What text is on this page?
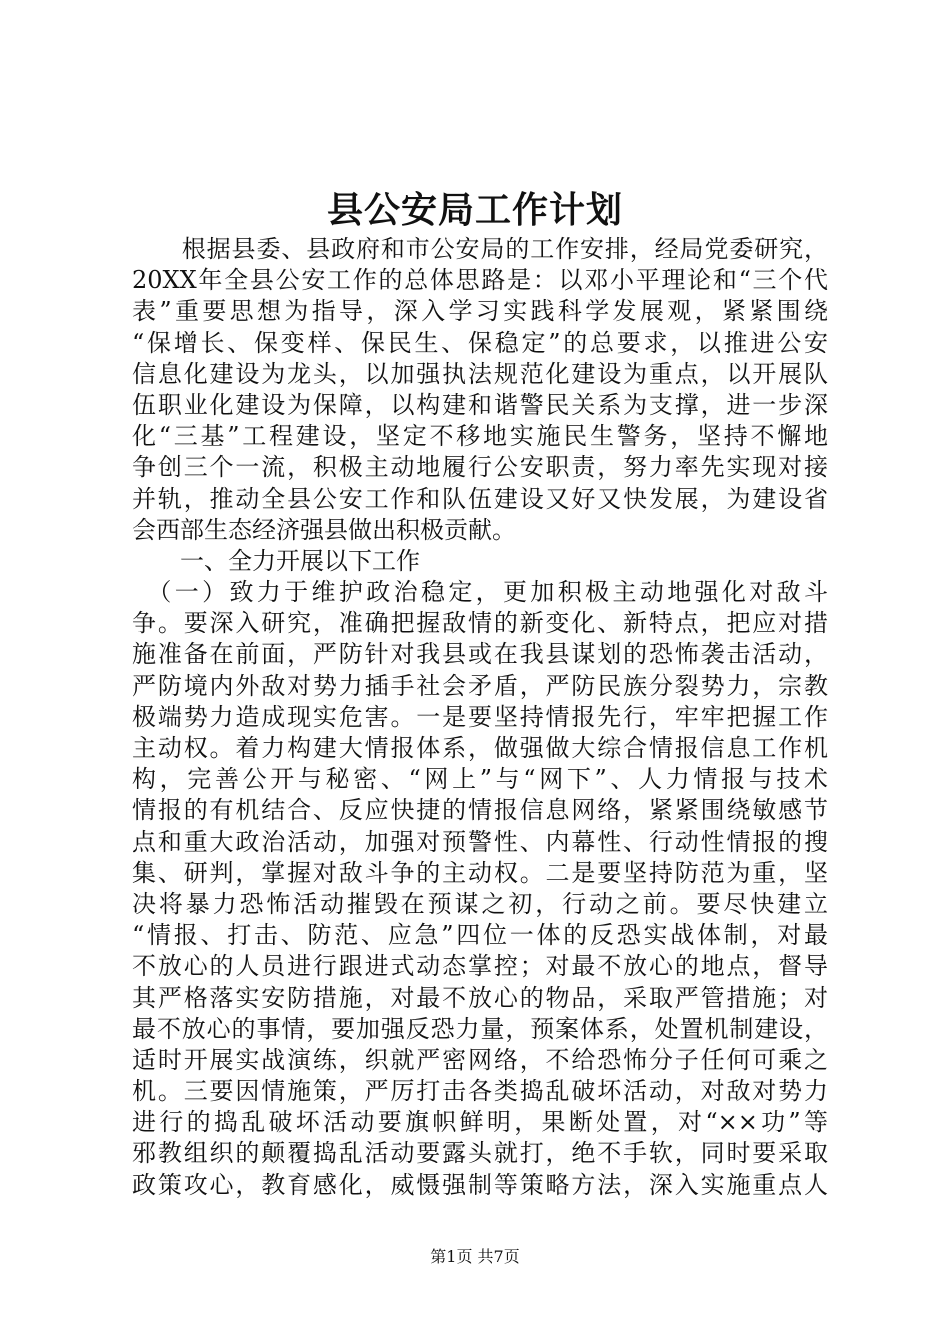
县公安局工作计划
　　根据县委、县政府和市公安局的工作安排，经局党委研究，
20XX年全县公安工作的总体思路是：以邓小平理论和“三个代
表”重要思想为指导，深入学习实践科学发展观，紧紧围绕
“保增长、保变样、保民生、保稳定”的总要求，以推进公安
信息化建设为龙头，以加强执法规范化建设为重点，以开展队
伍职业化建设为保障，以构建和谐警民关系为支撑，进一步深
化“三基”工程建设，坚定不移地实施民生警务，坚持不懈地
争创三个一流，积极主动地履行公安职责，努力率先实现对接
并轨，推动全县公安工作和队伍建设又好又快发展，为建设省
会西部生态经济强县做出积极贡献。
　　一、全力开展以下工作
　（一）致力于维护政治稳定，更加积极主动地强化对敌斗
争。要深入研究，准确把握敌情的新变化、新特点，把应对措
施准备在前面，严防针对我县或在我县谋划的恐怖袭击活动，
严防境内外敌对势力插手社会矛盾，严防民族分裂势力，宗教
极端势力造成现实危害。一是要坚持情报先行，牢牢把握工作
主动权。着力构建大情报体系，做强做大综合情报信息工作机
构，完善公开与秘密、“网上”与“网下”、人力情报与技术
情报的有机结合、反应快捷的情报信息网络，紧紧围绕敏感节
点和重大政治活动，加强对预警性、内幕性、行动性情报的搜
集、研判，掌握对敌斗争的主动权。二是要坚持防范为重，坚
决将暴力恐怖活动摧毁在预谋之初，行动之前。要尽快建立
“情报、打击、防范、应急”四位一体的反恐实战体制，对最
不放心的人员进行跟进式动态掌控；对最不放心的地点，督导
其严格落实安防措施，对最不放心的物品，采取严管措施；对
最不放心的事情，要加强反恐力量，预案体系，处置机制建设，
适时开展实战演练，织就严密网络，不给恐怖分子任何可乘之
机。三要因情施策，严厉打击各类捣乱破坏活动，对敌对势力
进行的捣乱破坏活动要旗帜鲜明，果断处置，对“××功”等
邪教组织的颠覆捣乱活动要露头就打，绝不手软，同时要采取
政策攻心，教育感化，威慑强制等策略方法，深入实施重点人
第1页 共7页
